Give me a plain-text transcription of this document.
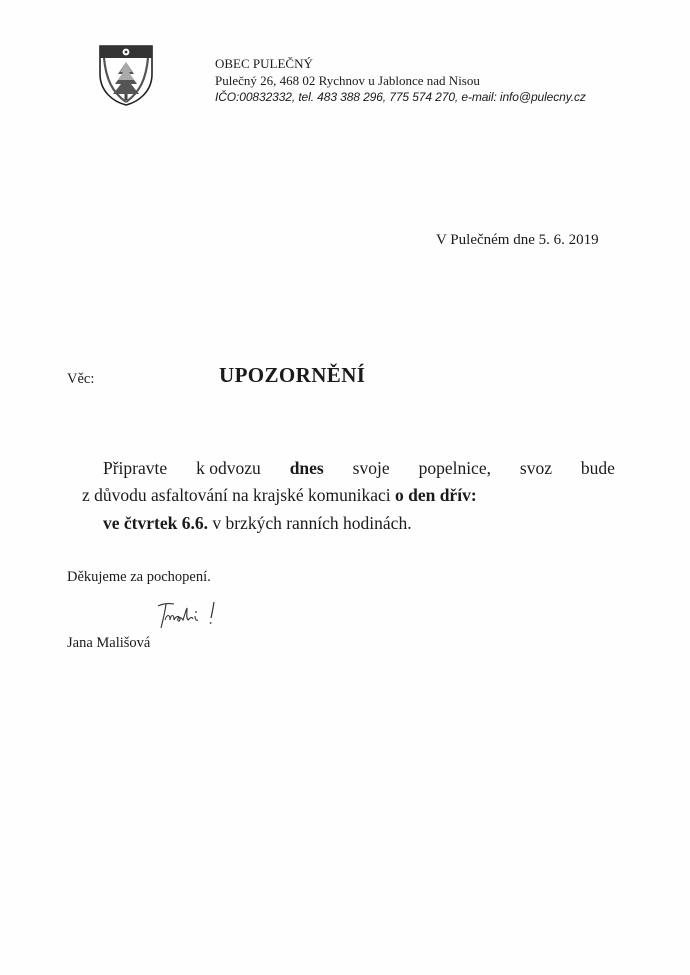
OBEC PULEČNÝ
Pulečný 26, 468 02 Rychnov u Jablonce nad Nisou
IČO:00832332, tel. 483 388 296, 775 574 270, e-mail: info@pulecny.cz
V Pulečném dne 5. 6. 2019
Věc:	UPOZORNĚNÍ
Připravte k odvozu dnes svoje popelnice, svoz bude
z důvodu asfaltování na krajské komunikaci o den dřív:
ve čtvrtek 6.6. v brzkých ranních hodinách.
Děkujeme za pochopení.
Jana Mališová
